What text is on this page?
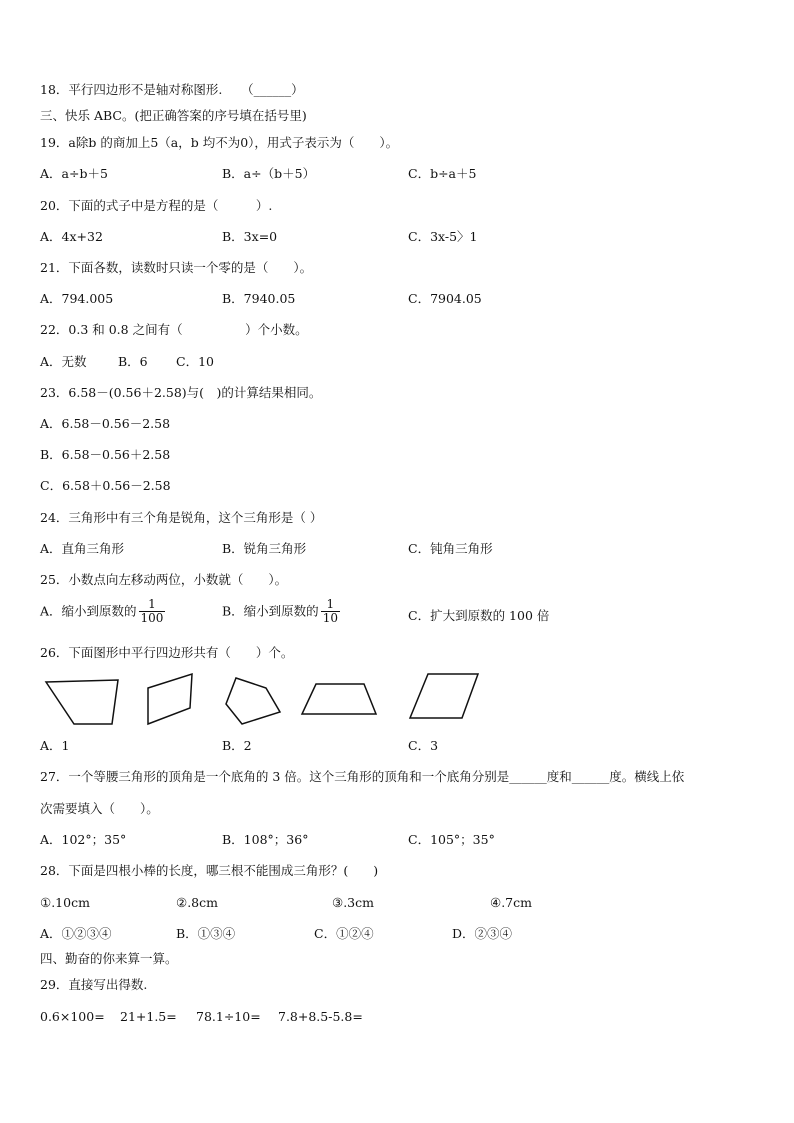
18．平行四边形不是轴对称图形.　　（______）
三、快乐 ABC。(把正确答案的序号填在括号里)
19．a除b 的商加上5（a，b 均不为0），用式子表示为（　　）。
A．a÷b＋5	B．a÷（b＋5）	C．b÷a＋5
20．下面的式子中是方程的是（　　　）.
A．4x+32	B．3x=0	C．3x-5〉1
21．下面各数，读数时只读一个零的是（　　）。
A．794.005	B．7940.05	C．7904.05
22．0.3 和 0.8 之间有（　　　　　）个小数。
A．无数	B．6 C．10
23．6.58－(0.56＋2.58)与(　)的计算结果相同。
A．6.58－0.56－2.58
B．6.58－0.56＋2.58
C．6.58＋0.56－2.58
24．三角形中有三个角是锐角，这个三角形是（ ）
A．直角三角形	B．锐角三角形	C．钝角三角形
25．小数点向左移动两位，小数就（　　）。
A．缩小到原数的 $\frac{1}{100}$	B．缩小到原数的 $\frac{1}{10}$	C．扩大到原数的 100 倍
26．下面图形中平行四边形共有（　　）个。
A．1	B．2	C．3
27．一个等腰三角形的顶角是一个底角的 3 倍。这个三角形的顶角和一个底角分别是______度和______度。横线上依
次需要填入（　　）。
A．102°；35°	B．108°；36°	C．105°；35°
28．下面是四根小棒的长度，哪三根不能围成三角形？(　　)
①.10cm	②.8cm	③.3cm	④.7cm
A．①②③④	B．①③④	C．①②④	D．②③④
四、勤奋的你来算一算。
29．直接写出得数.
0.6×100= 21+1.5= 78.1÷10= 7.8+8.5-5.8=
